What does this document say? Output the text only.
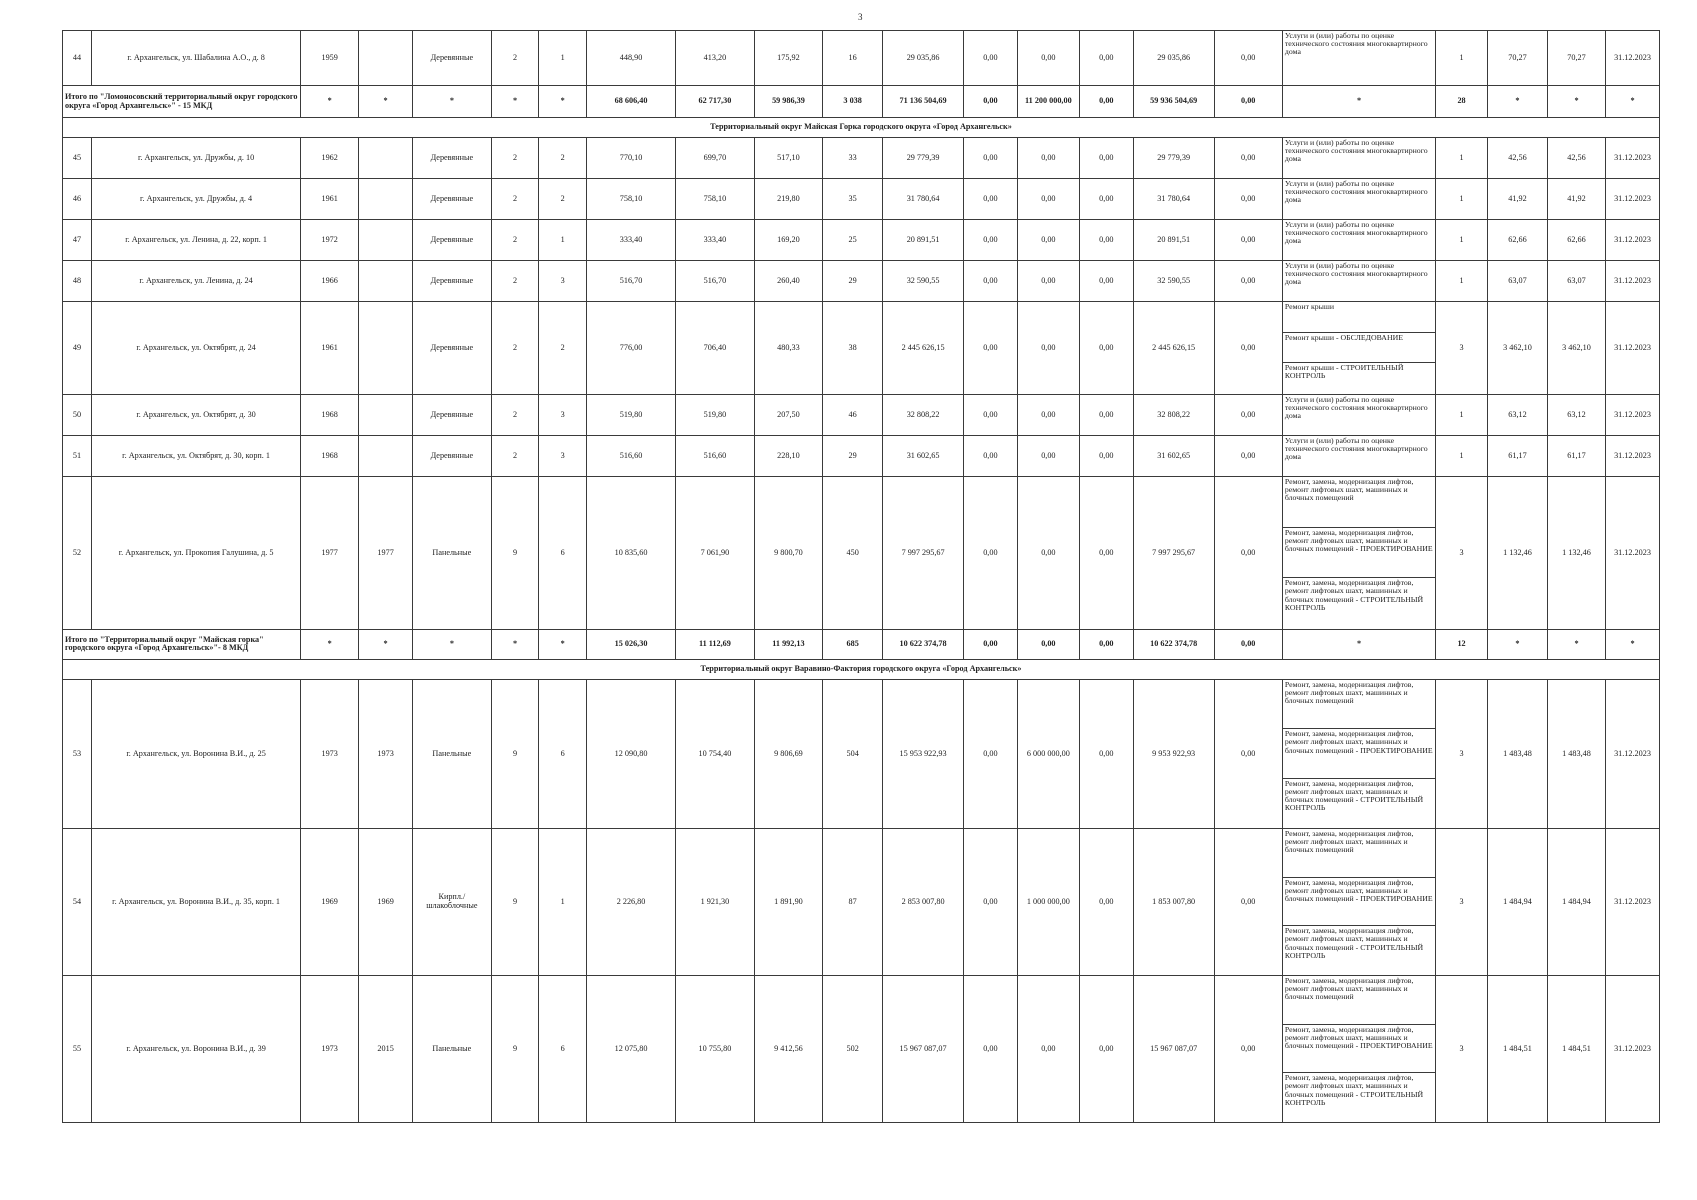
3
44	г. Архангельск, ул. Шабалина А.О., д. 8	1959		Деревянные	2	1	448,90	413,20	175,92	16	29 035,86	0,00	0,00	0,00	29 035,86	0,00	Услуги и (или) работы по оценке технического состояния многоквартирного дома	1	70,27	70,27	31.12.2023
Итого по "Ломоносовский территориальный округ городского округа «Город Архангельск»" - 15 МКД		*	*	*	*	*	68 606,40	62 717,30	59 986,39	3 038	71 136 504,69	0,00	11 200 000,00	0,00	59 936 504,69	0,00	*	28	*	*	*
Территориальный округ Майская Горка городского округа «Город Архангельск»																					
45	г. Архангельск, ул. Дружбы, д. 10	1962		Деревянные	2	2	770,10	699,70	517,10	33	29 779,39	0,00	0,00	0,00	29 779,39	0,00	Услуги и (или) работы по оценке технического состояния многоквартирного дома	1	42,56	42,56	31.12.2023
46	г. Архангельск, ул. Дружбы, д. 4	1961		Деревянные	2	2	758,10	758,10	219,80	35	31 780,64	0,00	0,00	0,00	31 780,64	0,00	Услуги и (или) работы по оценке технического состояния многоквартирного дома	1	41,92	41,92	31.12.2023
47	г. Архангельск, ул. Ленина, д. 22, корп. 1	1972		Деревянные	2	1	333,40	333,40	169,20	25	20 891,51	0,00	0,00	0,00	20 891,51	0,00	Услуги и (или) работы по оценке технического состояния многоквартирного дома	1	62,66	62,66	31.12.2023
48	г. Архангельск, ул. Ленина, д. 24	1966		Деревянные	2	3	516,70	516,70	260,40	29	32 590,55	0,00	0,00	0,00	32 590,55	0,00	Услуги и (или) работы по оценке технического состояния многоквартирного дома	1	63,07	63,07	31.12.2023
49	г. Архангельск, ул. Октябрят, д. 24	1961		Деревянные	2	2	776,00	706,40	480,33	38	2 445 626,15	0,00	0,00	0,00	2 445 626,15	0,00	Ремонт крыши
Ремонт крыши - ОБСЛЕДОВАНИЕ
Ремонт крыши - СТРОИТЕЛЬНЫЙ КОНТРОЛЬ	3	3 462,10	3 462,10	31.12.2023
50	г. Архангельск, ул. Октябрят, д. 30	1968		Деревянные	2	3	519,80	519,80	207,50	46	32 808,22	0,00	0,00	0,00	32 808,22	0,00	Услуги и (или) работы по оценке технического состояния многоквартирного дома	1	63,12	63,12	31.12.2023
51	г. Архангельск, ул. Октябрят, д. 30, корп. 1	1968		Деревянные	2	3	516,60	516,60	228,10	29	31 602,65	0,00	0,00	0,00	31 602,65	0,00	Услуги и (или) работы по оценке технического состояния многоквартирного дома	1	61,17	61,17	31.12.2023
52	г. Архангельск, ул. Прокопия Галушина, д. 5	1977	1977	Панельные	9	6	10 835,60	7 061,90	9 800,70	450	7 997 295,67	0,00	0,00	0,00	7 997 295,67	0,00	Ремонт, замена, модернизация лифтов, ремонт лифтовых шахт, машинных и блочных помещений
Ремонт, замена, модернизация лифтов, ремонт лифтовых шахт, машинных и блочных помещений - ПРОЕКТИРОВАНИЕ
Ремонт, замена, модернизация лифтов, ремонт лифтовых шахт, машинных и блочных помещений - СТРОИТЕЛЬНЫЙ КОНТРОЛЬ	3	1 132,46	1 132,46	31.12.2023
Итого по "Территориальный округ "Майская горка" городского округа «Город Архангельск»"- 8 МКД		*	*	*	*	*	15 026,30	11 112,69	11 992,13	685	10 622 374,78	0,00	0,00	0,00	10 622 374,78	0,00	*	12	*	*	*
Территориальный округ Варавино-Фактория городского округа «Город Архангельск»																					
53	г. Архангельск, ул. Воронина В.И., д. 25	1973	1973	Панельные	9	6	12 090,80	10 754,40	9 806,69	504	15 953 922,93	0,00	6 000 000,00	0,00	9 953 922,93	0,00	Ремонт, замена, модернизация лифтов, ремонт лифтовых шахт, машинных и блочных помещений
Ремонт, замена, модернизация лифтов, ремонт лифтовых шахт, машинных и блочных помещений - ПРОЕКТИРОВАНИЕ
Ремонт, замена, модернизация лифтов, ремонт лифтовых шахт, машинных и блочных помещений - СТРОИТЕЛЬНЫЙ КОНТРОЛЬ	3	1 483,48	1 483,48	31.12.2023
54	г. Архангельск, ул. Воронина В.И., д. 35, корп. 1	1969	1969	Кирпл./шлакоблочные	9	1	2 226,80	1 921,30	1 891,90	87	2 853 007,80	0,00	1 000 000,00	0,00	1 853 007,80	0,00	Ремонт, замена, модернизация лифтов, ремонт лифтовых шахт, машинных и блочных помещений
Ремонт, замена, модернизация лифтов, ремонт лифтовых шахт, машинных и блочных помещений - ПРОЕКТИРОВАНИЕ
Ремонт, замена, модернизация лифтов, ремонт лифтовых шахт, машинных и блочных помещений - СТРОИТЕЛЬНЫЙ КОНТРОЛЬ	3	1 484,94	1 484,94	31.12.2023
55	г. Архангельск, ул. Воронина В.И., д. 39	1973	2015	Панельные	9	6	12 075,80	10 755,80	9 412,56	502	15 967 087,07	0,00	0,00	0,00	15 967 087,07	0,00	Ремонт, замена, модернизация лифтов, ремонт лифтовых шахт, машинных и блочных помещений
Ремонт, замена, модернизация лифтов, ремонт лифтовых шахт, машинных и блочных помещений - ПРОЕКТИРОВАНИЕ
Ремонт, замена, модернизация лифтов, ремонт лифтовых шахт, машинных и блочных помещений - СТРОИТЕЛЬНЫЙ КОНТРОЛЬ	3	1 484,51	1 484,51	31.12.2023
